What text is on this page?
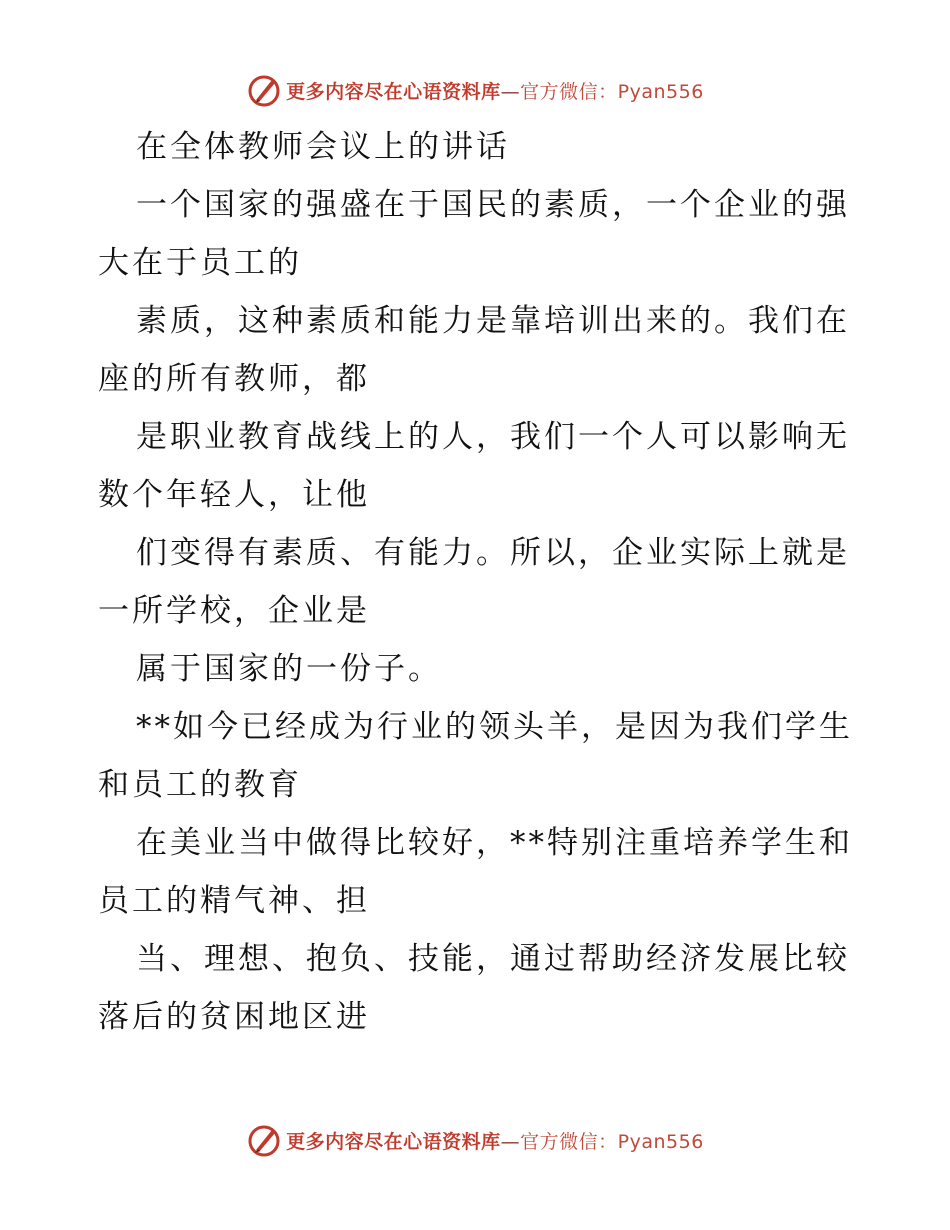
更多内容尽在心语资料库—官方微信：Pyan556
在全体教师会议上的讲话
一个国家的强盛在于国民的素质，一个企业的强
大在于员工的
素质，这种素质和能力是靠培训出来的。我们在
座的所有教师，都
是职业教育战线上的人，我们一个人可以影响无
数个年轻人，让他
们变得有素质、有能力。所以，企业实际上就是
一所学校，企业是
属于国家的一份子。
**如今已经成为行业的领头羊，是因为我们学生
和员工的教育
在美业当中做得比较好，**特别注重培养学生和
员工的精气神、担
当、理想、抱负、技能，通过帮助经济发展比较
落后的贫困地区进
更多内容尽在心语资料库—官方微信：Pyan556
